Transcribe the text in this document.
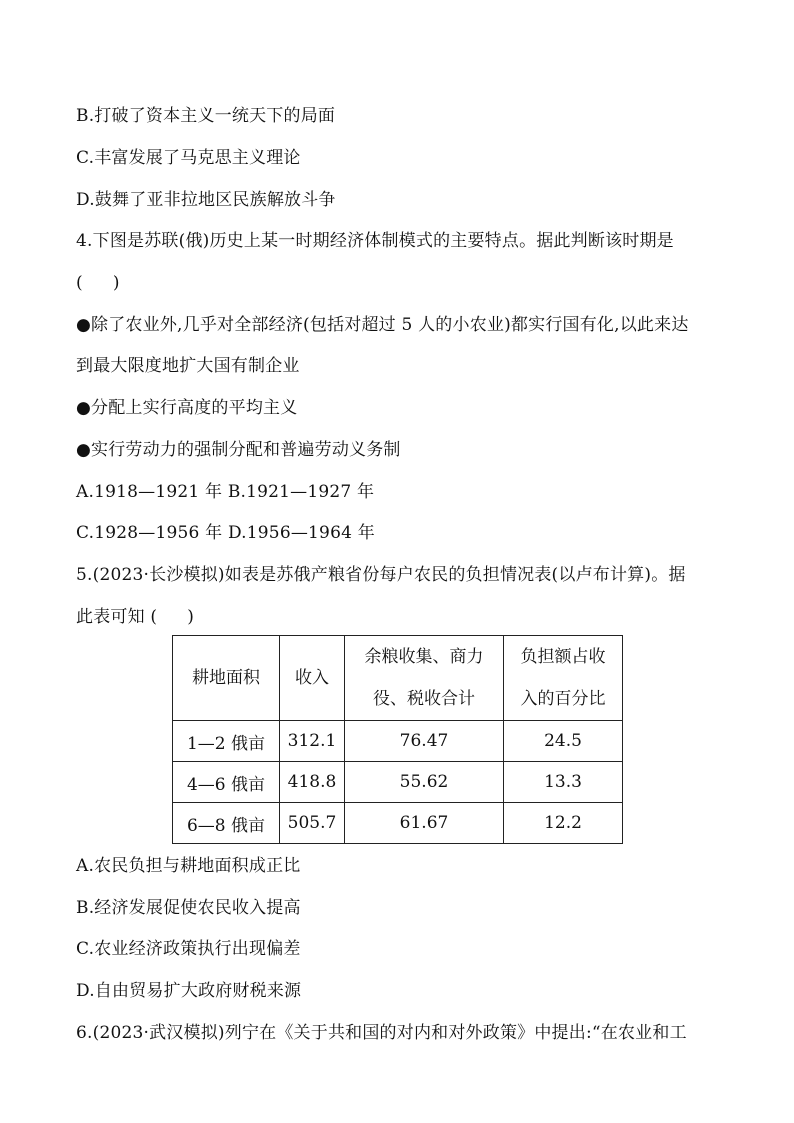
B.打破了资本主义一统天下的局面
C.丰富发展了马克思主义理论
D.鼓舞了亚非拉地区民族解放斗争
4.下图是苏联(俄)历史上某一时期经济体制模式的主要特点。据此判断该时期是
( )
●除了农业外,几乎对全部经济(包括对超过 5 人的小农业)都实行国有化,以此来达
到最大限度地扩大国有制企业
●分配上实行高度的平均主义
●实行劳动力的强制分配和普遍劳动义务制
A.1918—1921 年 B.1921—1927 年
C.1928—1956 年 D.1956—1964 年
5.(2023·长沙模拟)如表是苏俄产粮省份每户农民的负担情况表(以卢布计算)。据
此表可知 ( )
耕地面积	收入	余粮收集、商力
役、税收合计	负担额占收
入的百分比

1—2 俄亩	312.1	76.47	24.5
4—6 俄亩	418.8	55.62	13.3
6—8 俄亩	505.7	61.67	12.2
A.农民负担与耕地面积成正比
B.经济发展促使农民收入提高
C.农业经济政策执行出现偏差
D.自由贸易扩大政府财税来源
6.(2023·武汉模拟)列宁在《关于共和国的对内和对外政策》中提出:“在农业和工
